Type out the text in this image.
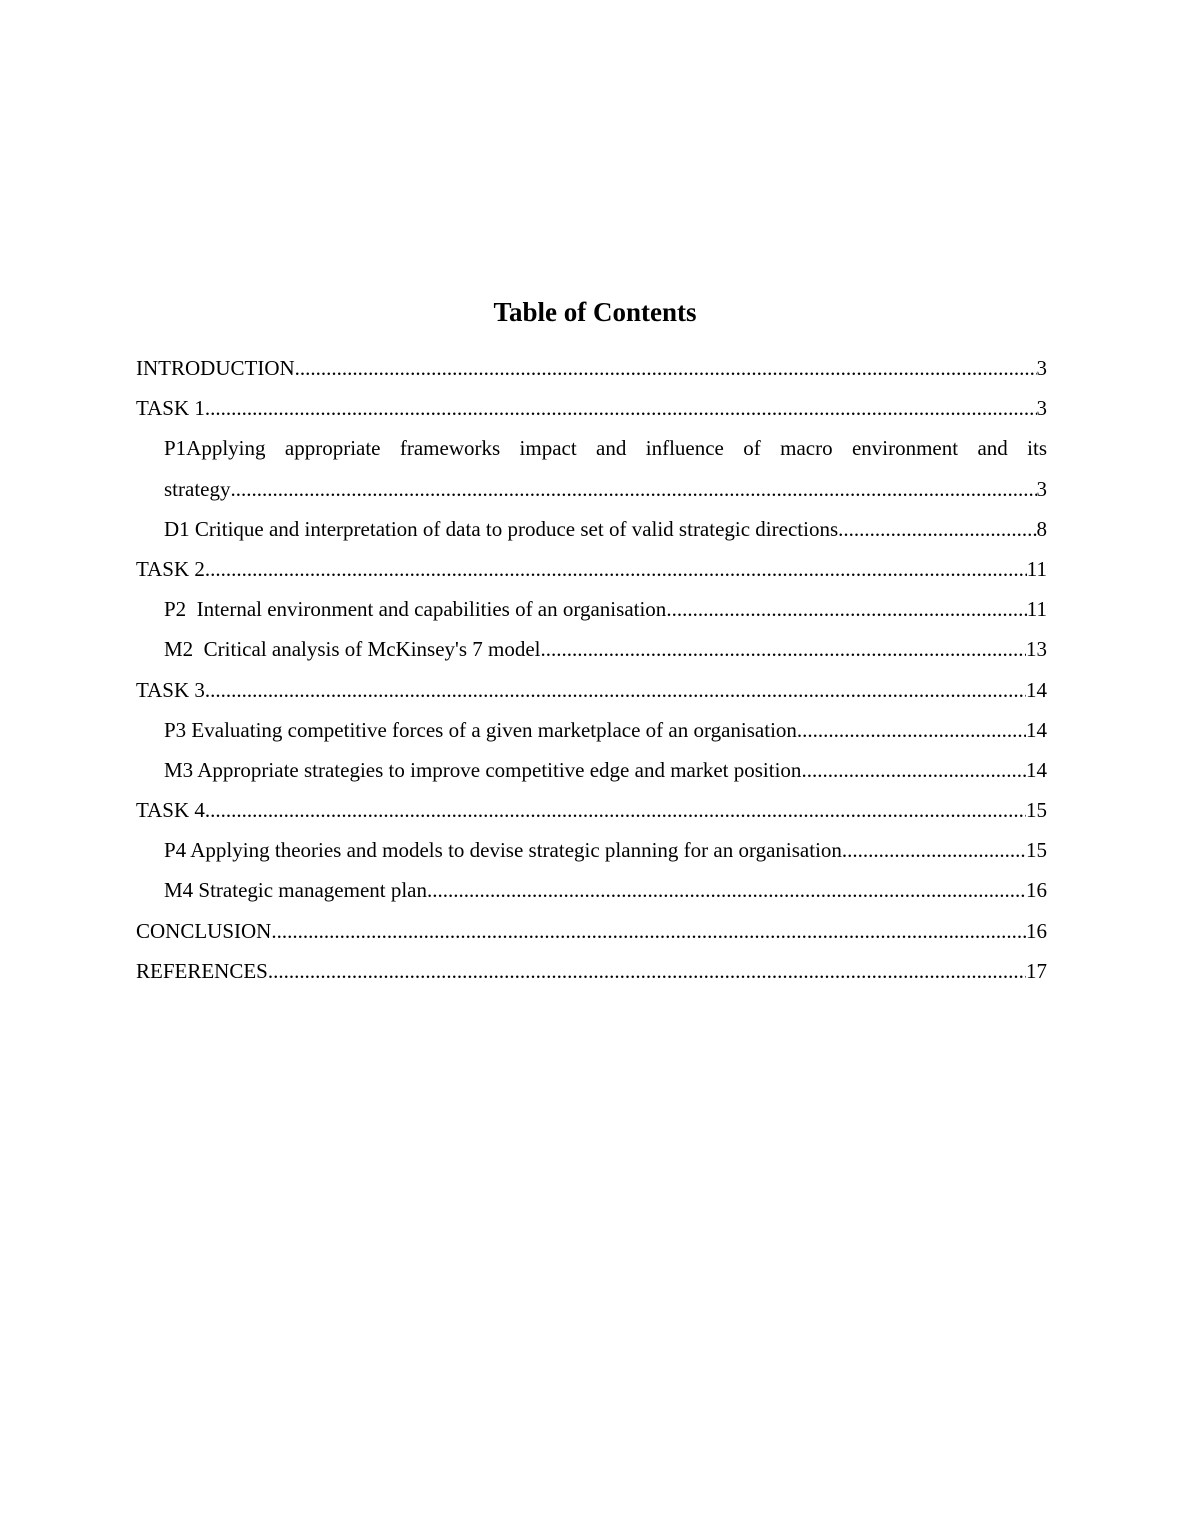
Table of Contents
INTRODUCTION .....	3
TASK 1 .....	3
P1Applying appropriate frameworks impact and influence of macro environment and its
strategy .....	3
D1 Critique and interpretation of data to produce set of valid strategic directions .....	8
TASK 2 .....	11
P2  Internal environment and capabilities of an organisation .....	11
M2  Critical analysis of McKinsey's 7 model .....	13
TASK 3 .....	14
P3 Evaluating competitive forces of a given marketplace of an organisation .....	14
M3 Appropriate strategies to improve competitive edge and market position .....	14
TASK 4 .....	15
P4 Applying theories and models to devise strategic planning for an organisation .....	15
M4 Strategic management plan .....	16
CONCLUSION .....	16
REFERENCES .....	17
